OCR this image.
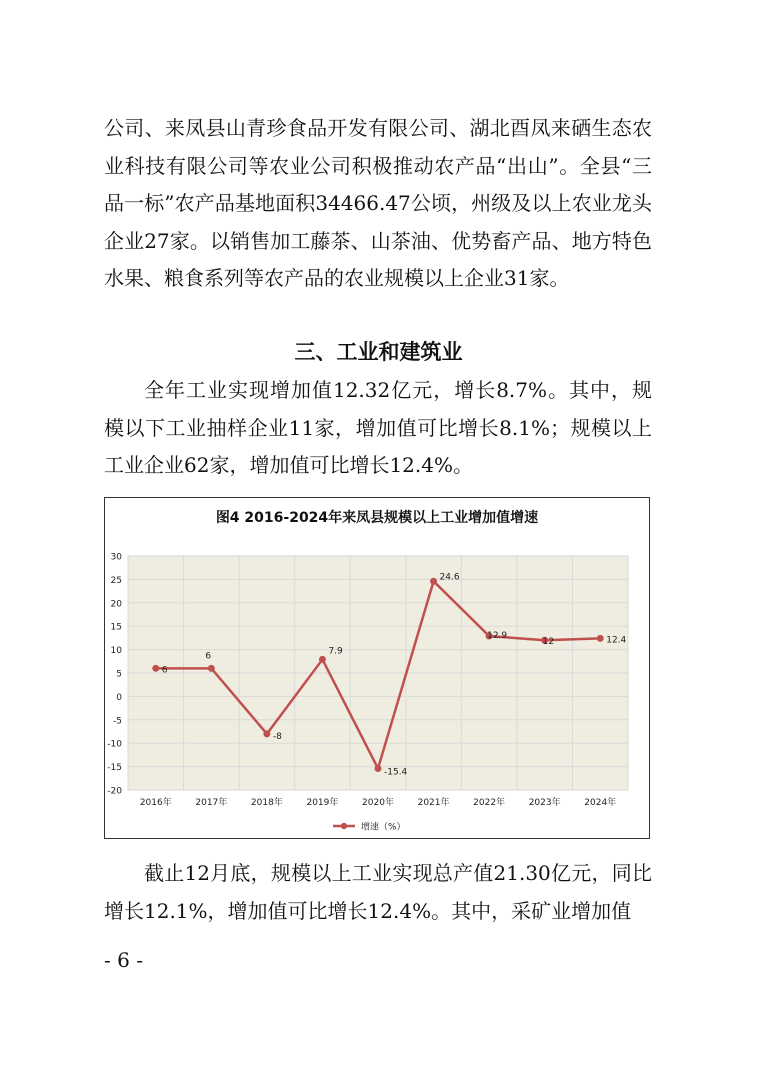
公司、来凤县山青珍食品开发有限公司、湖北酉凤来硒生态农业科技有限公司等农业公司积极推动农产品“出山”。全县“三品一标”农产品基地面积34466.47公顷，州级及以上农业龙头企业27家。以销售加工藤茶、山茶油、优势畜产品、地方特色水果、粮食系列等农产品的农业规模以上企业31家。

三、工业和建筑业

全年工业实现增加值12.32亿元，增长8.7%。其中，规模以下工业抽样企业11家，增加值可比增长8.1%；规模以上工业企业62家，增加值可比增长12.4%。

图4 2016-2024年来凤县规模以上工业增加值增速
30
25
20
15
10
5
0
-5
-10
-15
-20
2016年	2017年	2018年	2019年	2020年	2021年	2022年	2023年	2024年
6
6
-8
7.9
-15.4
24.6
12.9
12	12.4
增速（%）

截止12月底，规模以上工业实现总产值21.30亿元，同比增长12.1%，增加值可比增长12.4%。其中，采矿业增加值

- 6 -
